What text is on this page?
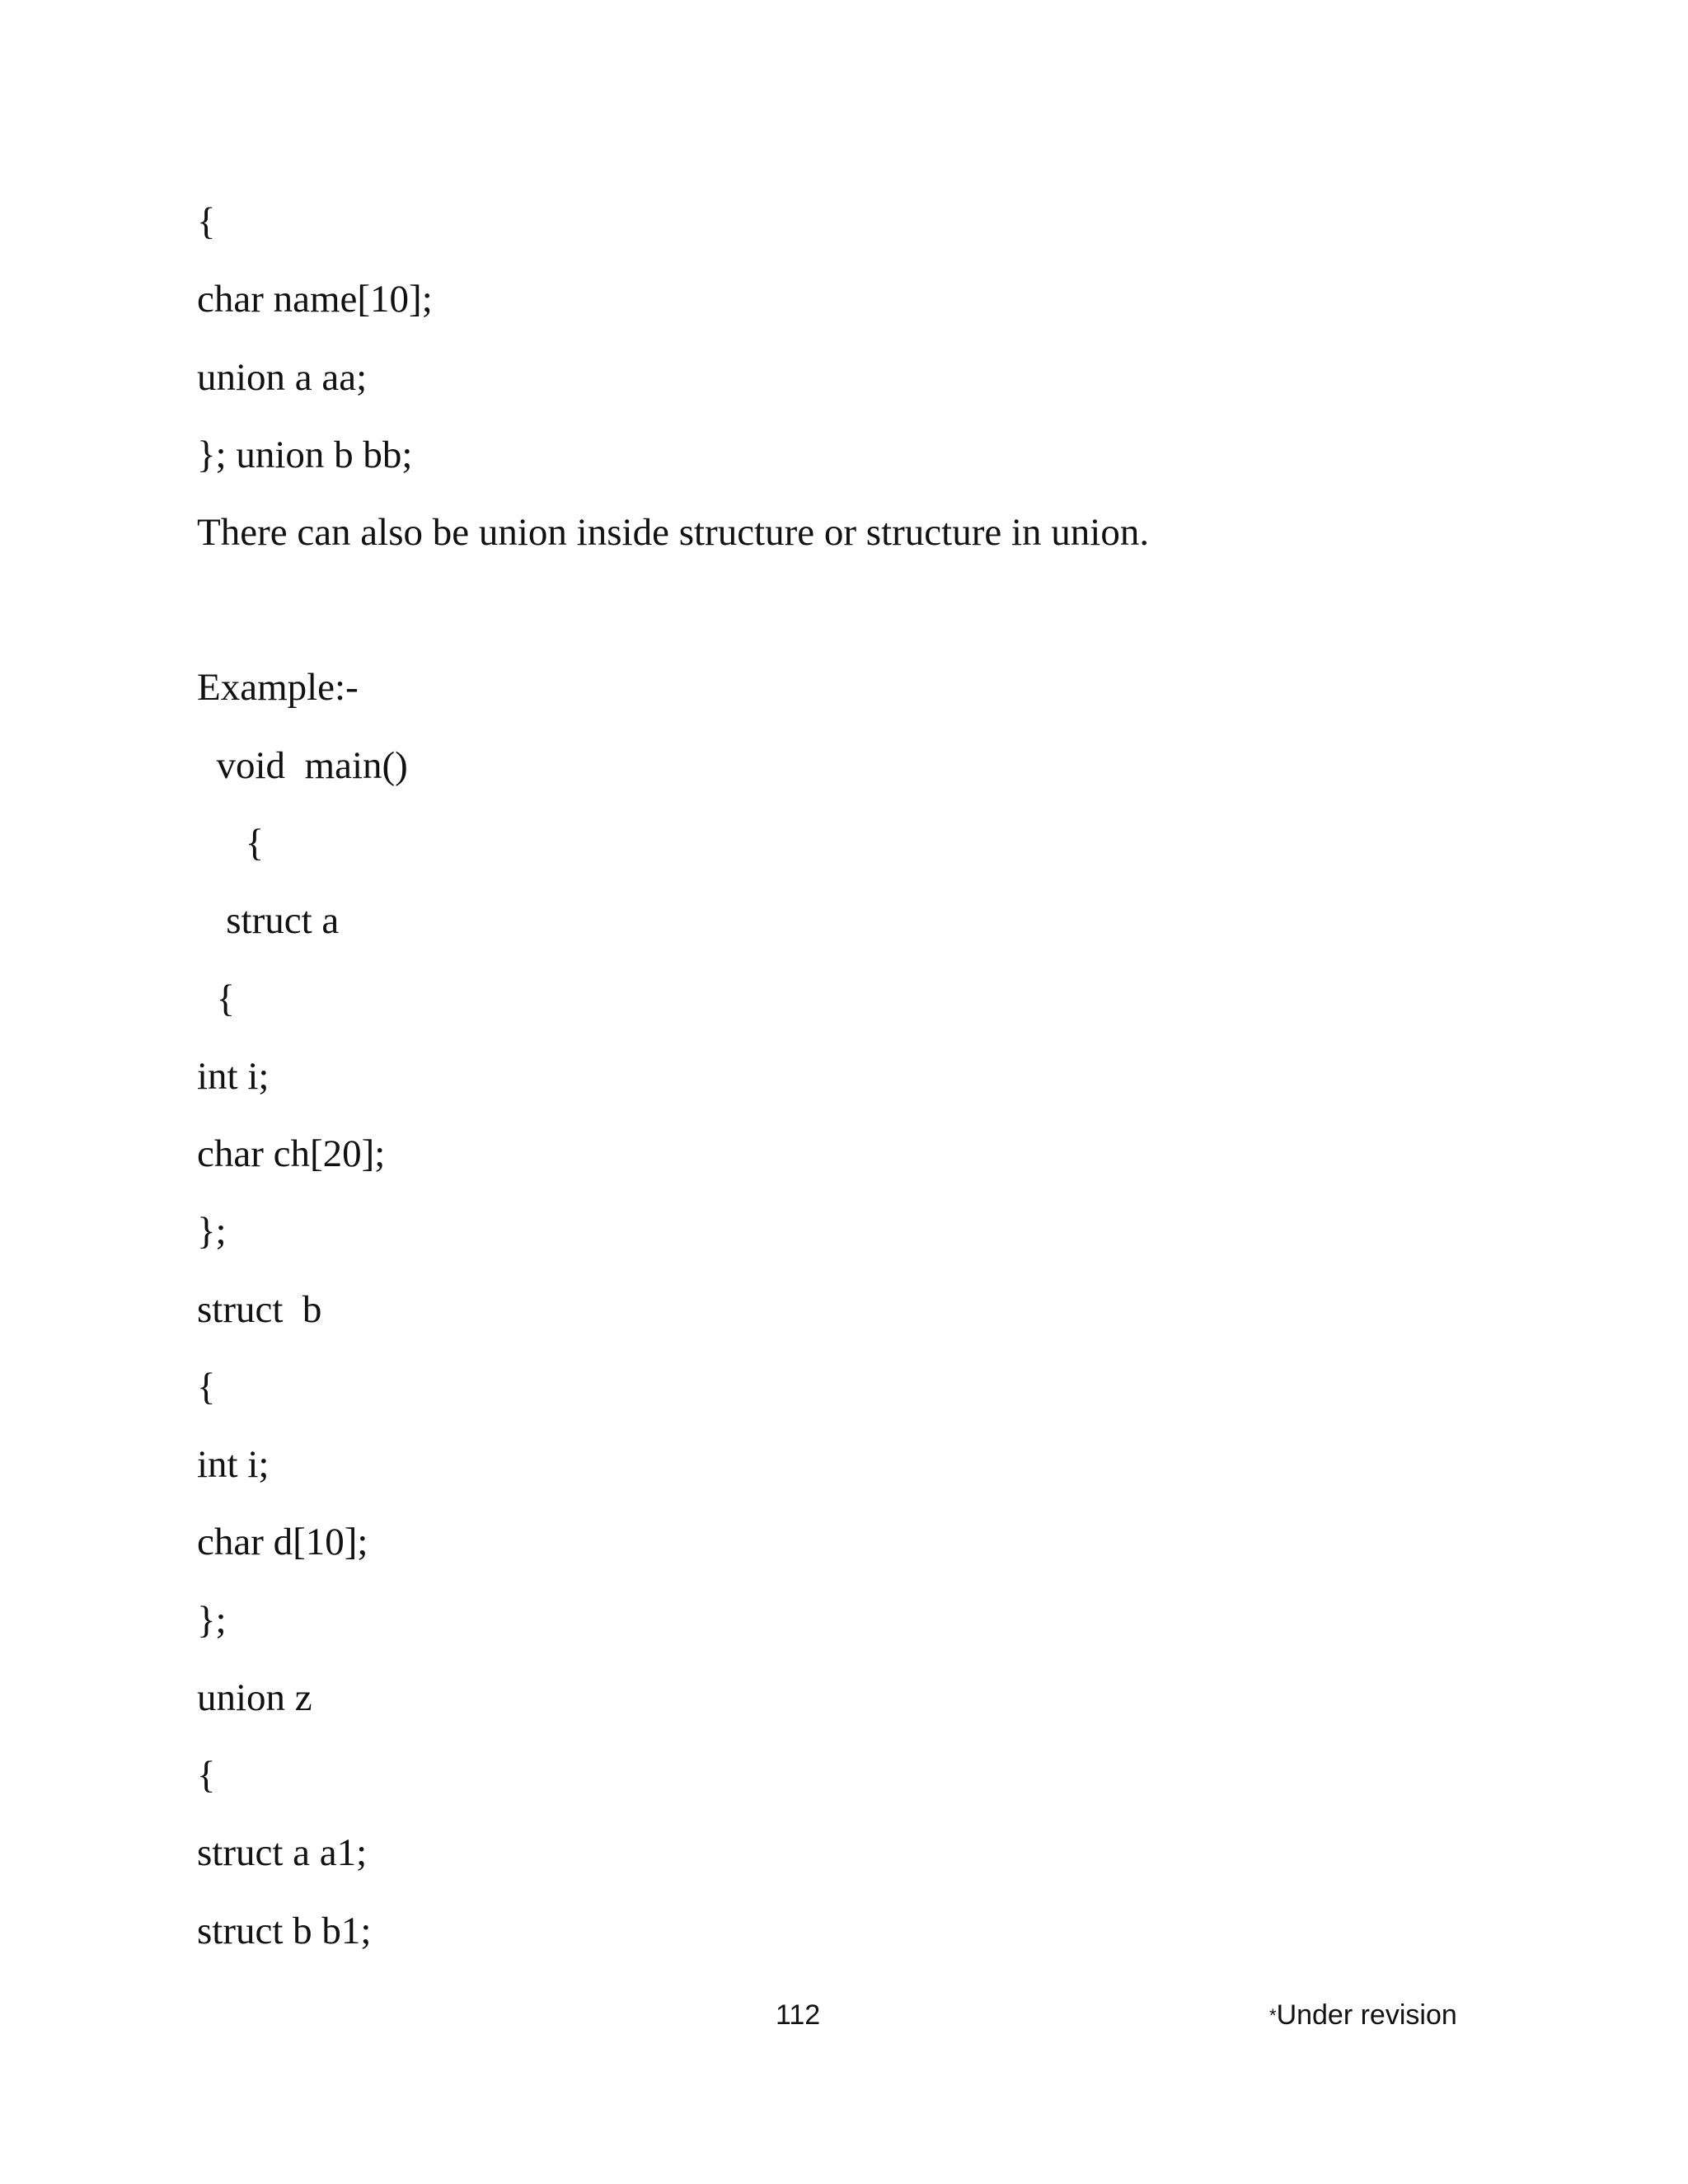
{
char name[10];
union a aa;
}; union b bb;
There can also be union inside structure or structure in union.
Example:-
void  main()
{
struct a
{
int i;
char ch[20];
};
struct  b
{
int i;
char d[10];
};
union z
{
struct a a1;
struct b b1;
112	*Under revision
